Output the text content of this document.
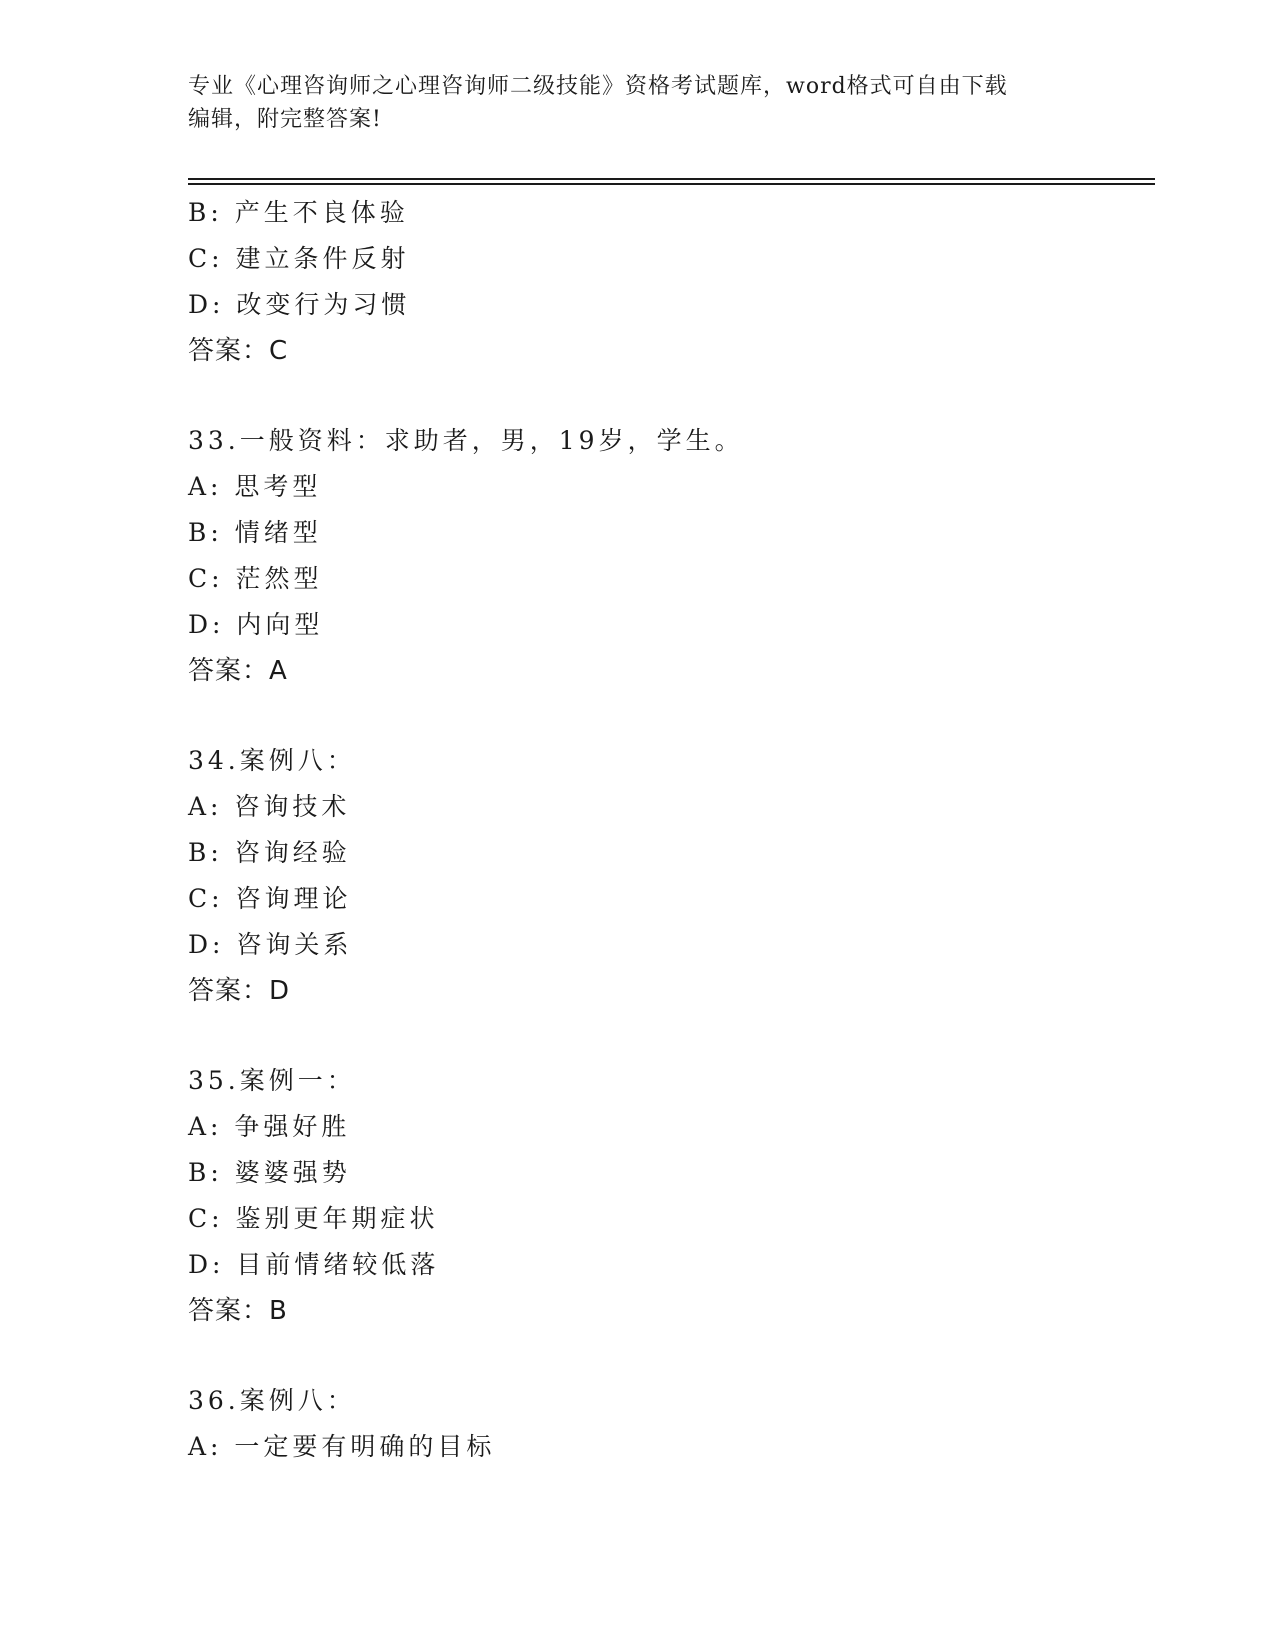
专业《心理咨询师之心理咨询师二级技能》资格考试题库，word格式可自由下载
编辑，附完整答案!
B: 产生不良体验
C: 建立条件反射
D: 改变行为习惯
答案：C
33.一般资料：求助者，男，19岁，学生。
A: 思考型
B: 情绪型
C: 茫然型
D: 内向型
答案：A
34.案例八：
A: 咨询技术
B: 咨询经验
C: 咨询理论
D: 咨询关系
答案：D
35.案例一：
A: 争强好胜
B: 婆婆强势
C: 鉴别更年期症状
D: 目前情绪较低落
答案：B
36.案例八：
A: 一定要有明确的目标
